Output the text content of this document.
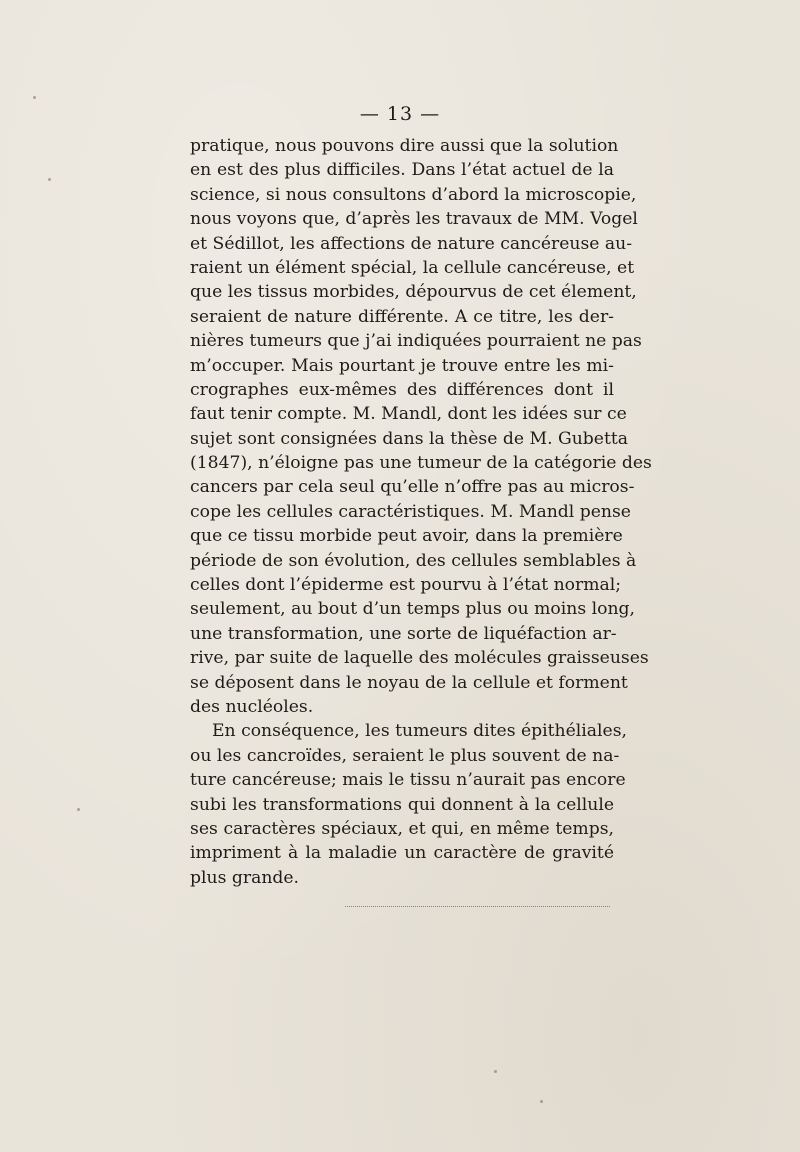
— 13 —
pratique, nous pouvons dire aussi que la solution
en est des plus difficiles. Dans l’état actuel de la
science, si nous consultons d’abord la microscopie,
nous voyons que, d’après les travaux de MM. Vogel
et Sédillot, les affections de nature cancéreuse au-
raient un élément spécial, la cellule cancéreuse, et
que les tissus morbides, dépourvus de cet élement,
seraient de nature différente. A ce titre, les der-
nières tumeurs que j’ai indiquées pourraient ne pas
m’occuper. Mais pourtant je trouve entre les mi-
crographes eux-mêmes des différences dont il
faut tenir compte. M. Mandl, dont les idées sur ce
sujet sont consignées dans la thèse de M. Gubetta
(1847), n’éloigne pas une tumeur de la catégorie des
cancers par cela seul qu’elle n’offre pas au micros-
cope les cellules caractéristiques. M. Mandl pense
que ce tissu morbide peut avoir, dans la première
période de son évolution, des cellules semblables à
celles dont l’épiderme est pourvu à l’état normal;
seulement, au bout d’un temps plus ou moins long,
une transformation, une sorte de liquéfaction ar-
rive, par suite de laquelle des molécules graisseuses
se déposent dans le noyau de la cellule et forment
des nucléoles.
En conséquence, les tumeurs dites épithéliales,
ou les cancroïdes, seraient le plus souvent de na-
ture cancéreuse; mais le tissu n’aurait pas encore
subi les transformations qui donnent à la cellule
ses caractères spéciaux, et qui, en même temps,
impriment à la maladie un caractère de gravité
plus grande.
